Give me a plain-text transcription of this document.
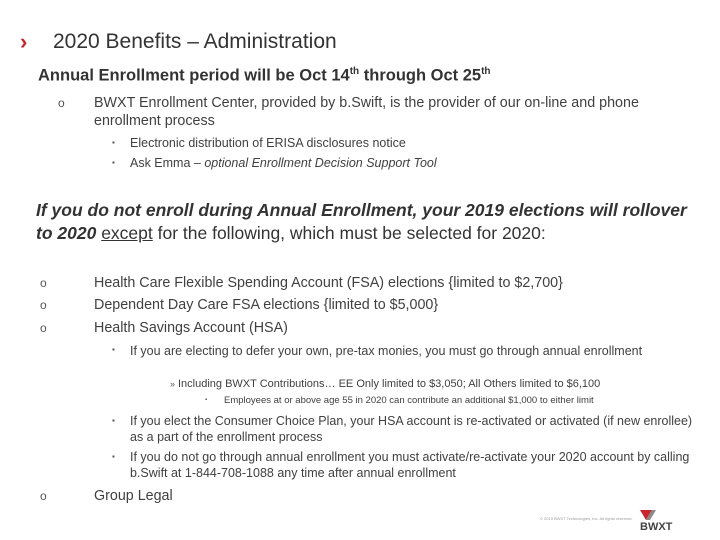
› 2020 Benefits – Administration
Annual Enrollment period will be Oct 14th through Oct 25th
o BWXT Enrollment Center, provided by b.Swift, is the provider of our on-line and phone enrollment process
▪ Electronic distribution of ERISA disclosures notice
▪ Ask Emma – optional Enrollment Decision Support Tool
If you do not enroll during Annual Enrollment, your 2019 elections will rollover to 2020 except for the following, which must be selected for 2020:
o	Health Care Flexible Spending Account (FSA) elections {limited to $2,700}
o	Dependent Day Care FSA elections {limited to $5,000}
o	Health Savings Account (HSA)
▪ If you are electing to defer your own, pre-tax monies, you must go through annual enrollment
» Including BWXT Contributions… EE Only limited to $3,050; All Others limited to $6,100
▪ Employees at or above age 55 in 2020 can contribute an additional $1,000 to either limit
▪ If you elect the Consumer Choice Plan, your HSA account is re-activated or activated (if new enrollee) as a part of the enrollment process
▪ If you do not go through annual enrollment you must activate/re-activate your 2020 account by calling b.Swift at 1-844-708-1088 any time after annual enrollment
o	Group Legal
© 2019 BWXT Technologies, Inc. All rights reserved.
BWXT
